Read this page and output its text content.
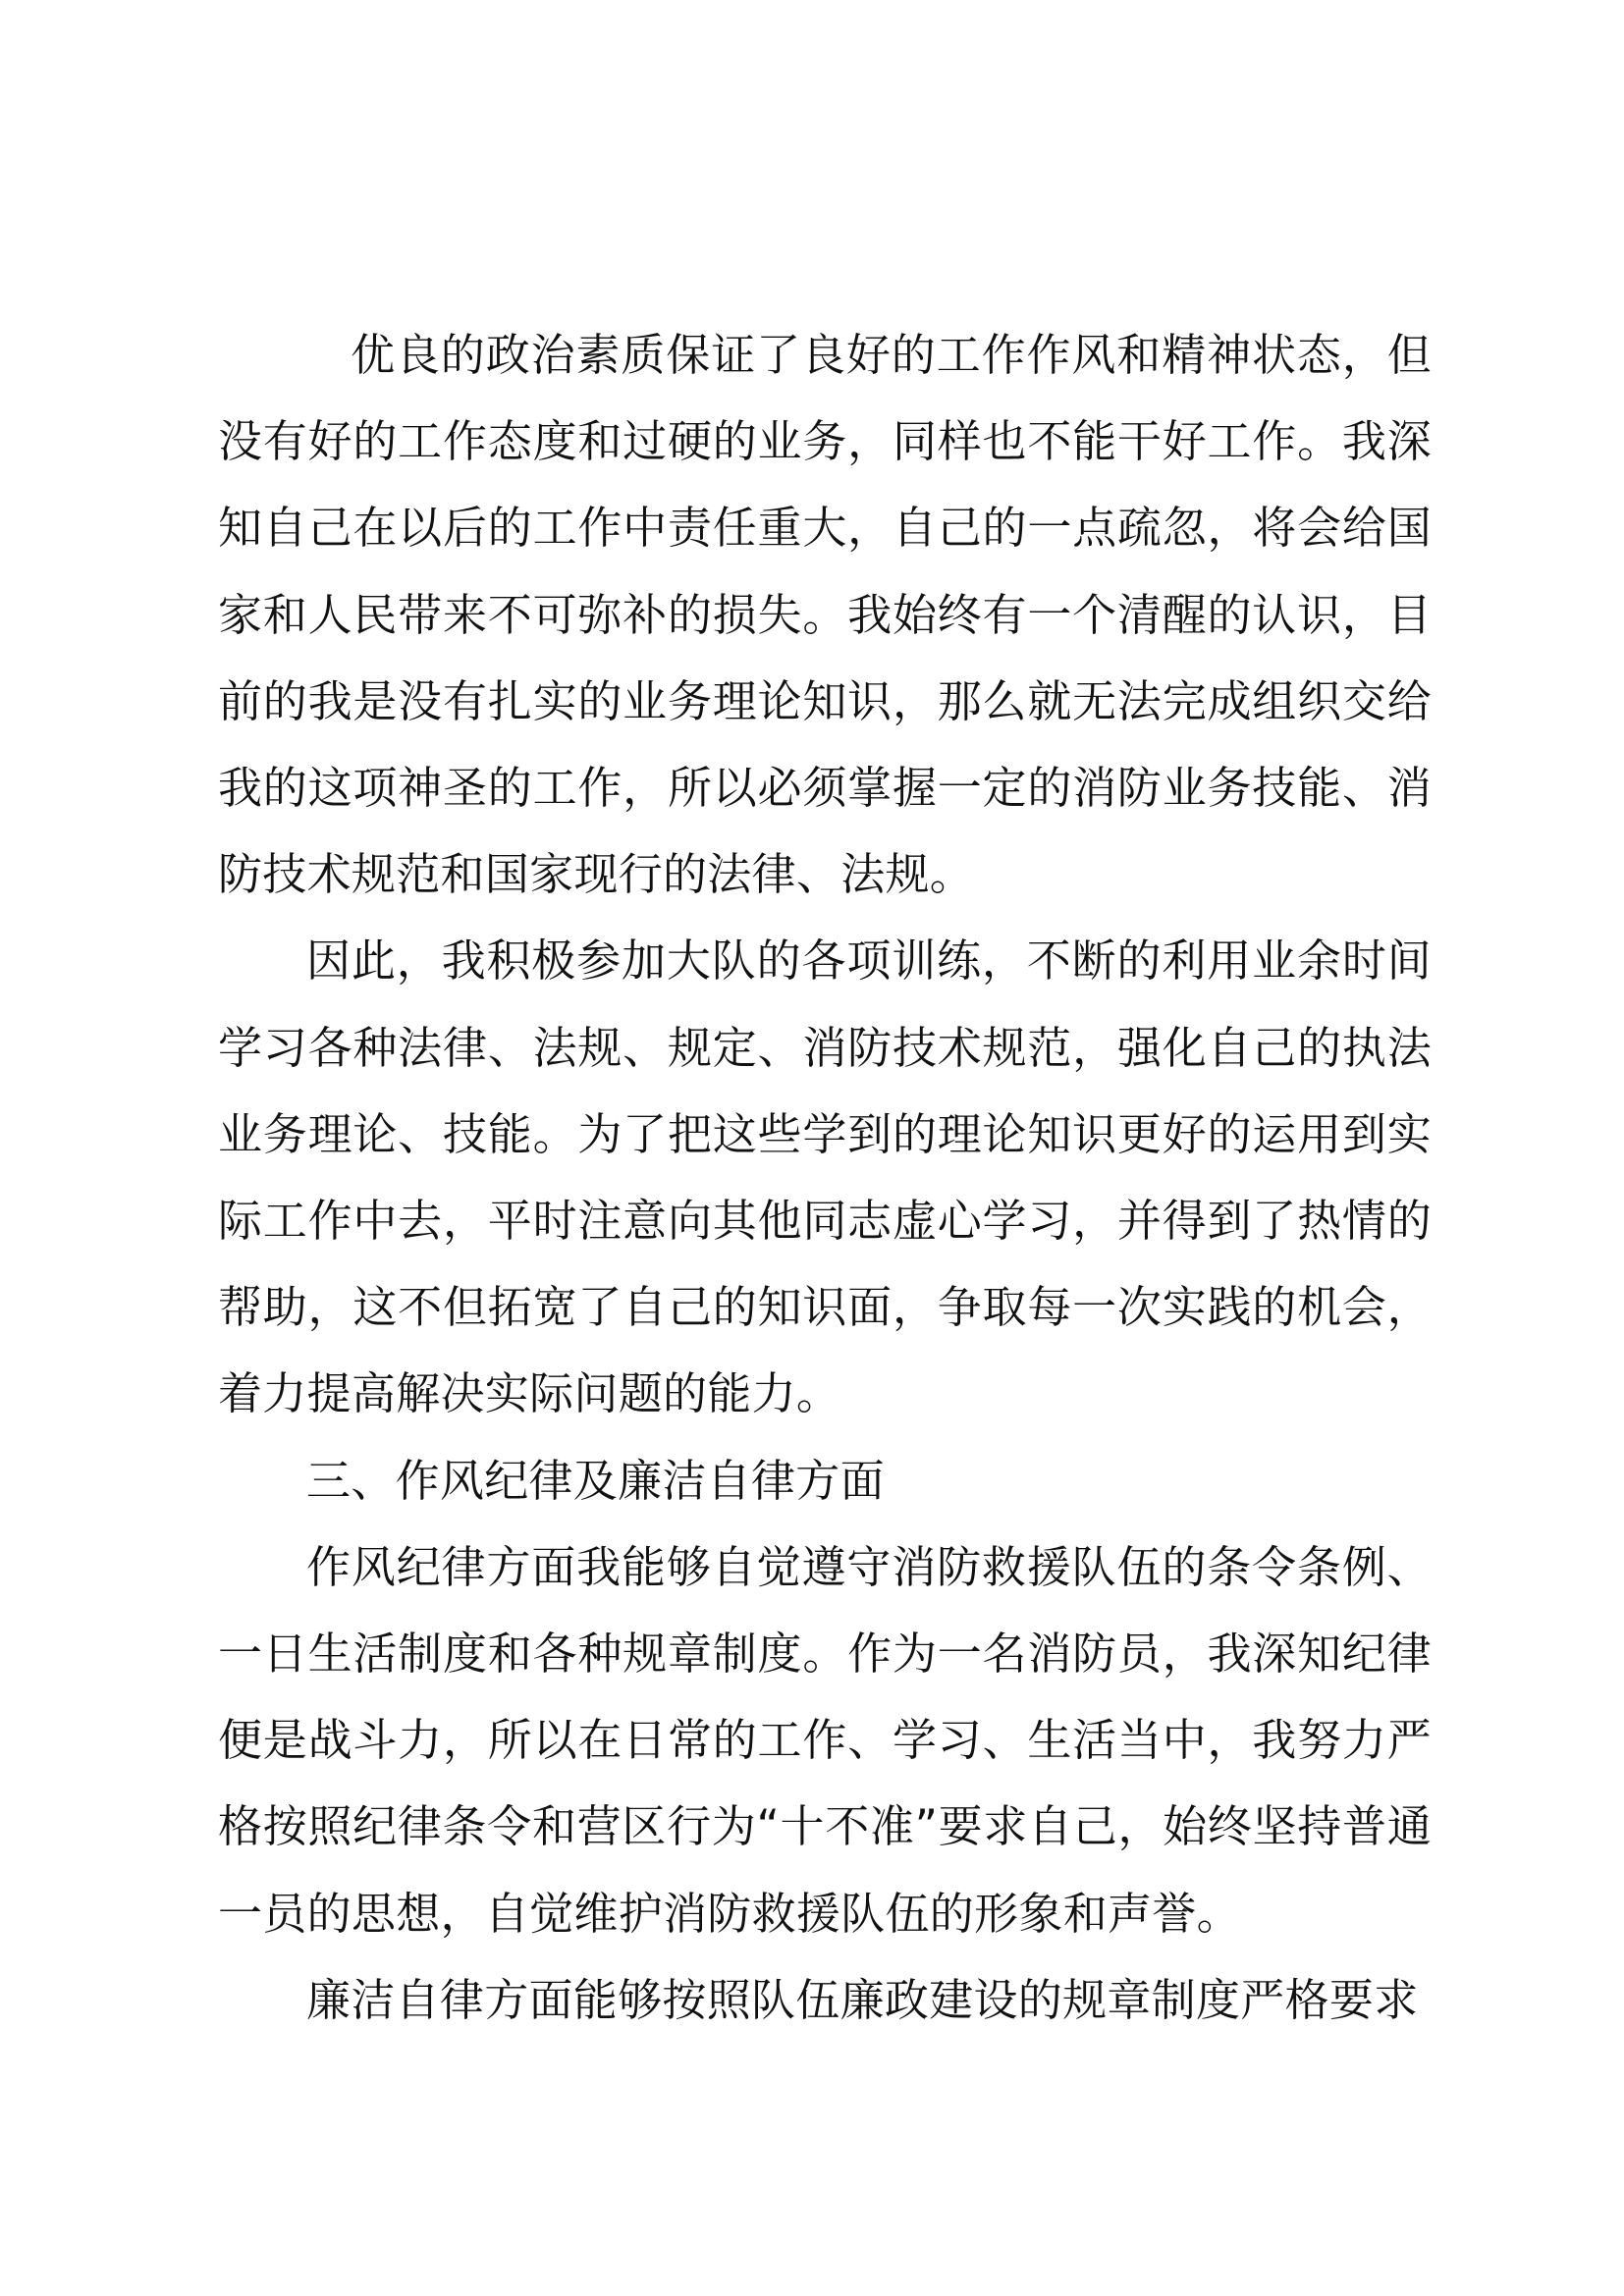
优良的政治素质保证了良好的工作作风和精神状态，但没有好的工作态度和过硬的业务，同样也不能干好工作。我深知自己在以后的工作中责任重大，自己的一点疏忽，将会给国家和人民带来不可弥补的损失。我始终有一个清醒的认识，目前的我是没有扎实的业务理论知识，那么就无法完成组织交给我的这项神圣的工作，所以必须掌握一定的消防业务技能、消防技术规范和国家现行的法律、法规。

因此，我积极参加大队的各项训练，不断的利用业余时间学习各种法律、法规、规定、消防技术规范，强化自己的执法业务理论、技能。为了把这些学到的理论知识更好的运用到实际工作中去，平时注意向其他同志虚心学习，并得到了热情的帮助，这不但拓宽了自己的知识面，争取每一次实践的机会，着力提高解决实际问题的能力。

三、作风纪律及廉洁自律方面

作风纪律方面我能够自觉遵守消防救援队伍的条令条例、一日生活制度和各种规章制度。作为一名消防员，我深知纪律便是战斗力，所以在日常的工作、学习、生活当中，我努力严格按照纪律条令和营区行为“十不准”要求自己，始终坚持普通一员的思想，自觉维护消防救援队伍的形象和声誉。

廉洁自律方面能够按照队伍廉政建设的规章制度严格要求
